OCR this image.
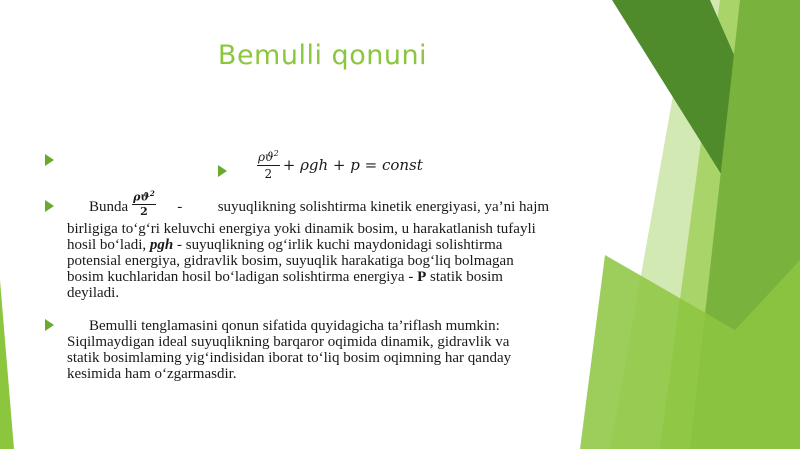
Bemulli qonuni
$\frac{\rho ϑ^2}{2} + \rho gh + p$ = const

Bunda $\frac{\rho ϑ^2}{2}$ - suyuqlikning solishtirma kinetik energiyasi, ya’ni hajm

birligiga to‘g‘ri keluvchi energiya yoki dinamik bosim, u harakatlanish tufayli

hosil bo‘ladi, pgh - suyuqlikning og‘irlik kuchi maydonidagi solishtirma

potensial energiya, gidravlik bosim, suyuqlik harakatiga bog‘liq bolmagan

bosim kuchlaridan hosil bo‘ladigan solishtirma energiya - P statik bosim

deyiladi.

Bemulli tenglamasini qonun sifatida quyidagicha ta’riflash mumkin:

Siqilmaydigan ideal suyuqlikning barqaror oqimida dinamik, gidravlik va

statik bosimlaming yig‘indisidan iborat to‘liq bosim oqimning har qanday

kesimida ham o‘zgarmasdir.
